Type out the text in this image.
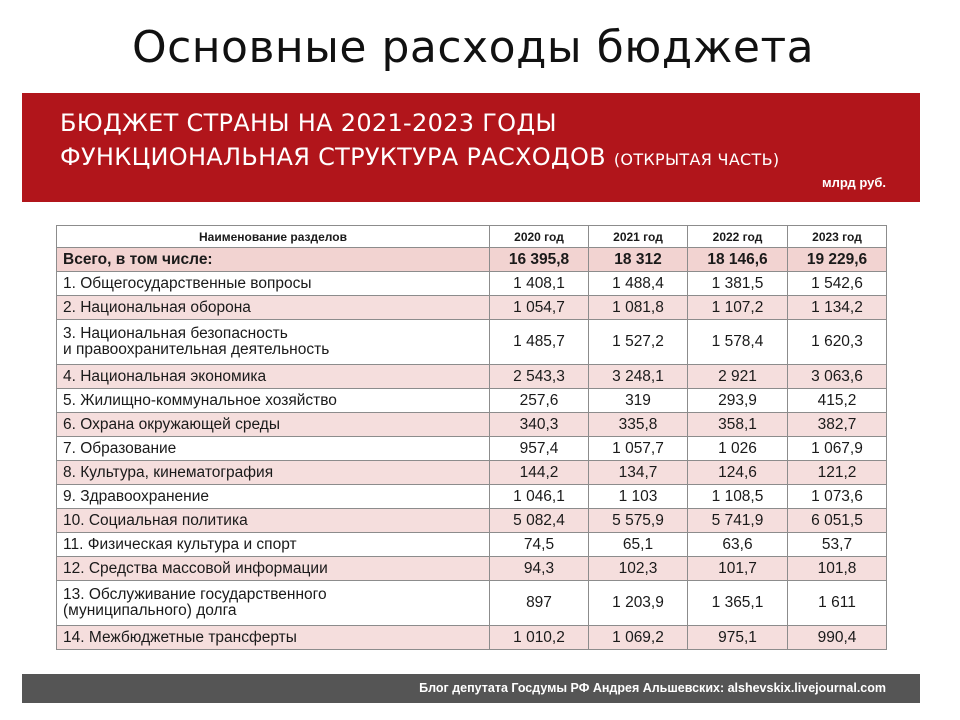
Основные расходы бюджета
БЮДЖЕТ СТРАНЫ НА 2021-2023 ГОДЫ
ФУНКЦИОНАЛЬНАЯ СТРУКТУРА РАСХОДОВ (ОТКРЫТАЯ ЧАСТЬ)
млрд руб.
Наименование разделов	2020 год	2021 год	2022 год	2023 год
Всего, в том числе:	16 395,8	18 312	18 146,6	19 229,6
1. Общегосударственные вопросы	1 408,1	1 488,4	1 381,5	1 542,6
2. Национальная оборона	1 054,7	1 081,8	1 107,2	1 134,2
3. Национальная безопасность
и правоохранительная деятельность	1 485,7	1 527,2	1 578,4	1 620,3
4. Национальная экономика	2 543,3	3 248,1	2 921	3 063,6
5. Жилищно-коммунальное хозяйство	257,6	319	293,9	415,2
6. Охрана окружающей среды	340,3	335,8	358,1	382,7
7. Образование	957,4	1 057,7	1 026	1 067,9
8. Культура, кинематография	144,2	134,7	124,6	121,2
9. Здравоохранение	1 046,1	1 103	1 108,5	1 073,6
10. Социальная политика	5 082,4	5 575,9	5 741,9	6 051,5
11. Физическая культура и спорт	74,5	65,1	63,6	53,7
12. Средства массовой информации	94,3	102,3	101,7	101,8
13. Обслуживание государственного
(муниципального) долга	897	1 203,9	1 365,1	1 611
14. Межбюджетные трансферты	1 010,2	1 069,2	975,1	990,4
Блог депутата Госдумы РФ Андрея Альшевских: alshevskix.livejournal.com
